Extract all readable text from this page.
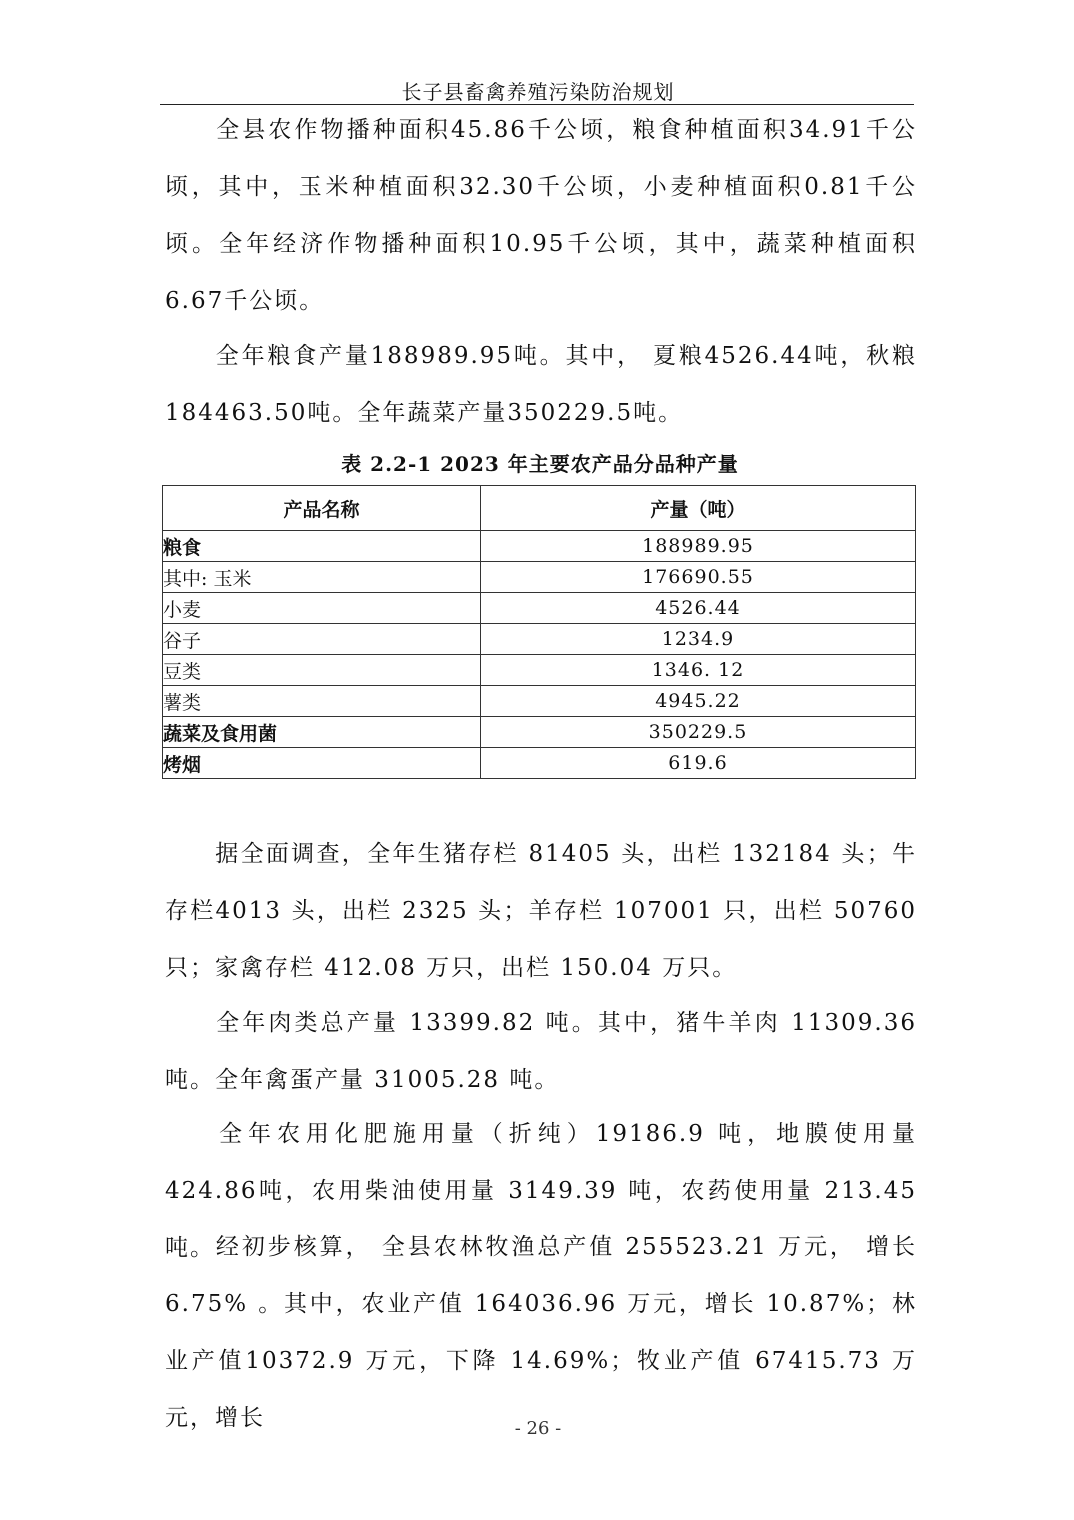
长子县畜禽养殖污染防治规划

全县农作物播种面积45.86千公顷，粮食种植面积34.91千公顷，其中，玉米种植面积32.30千公顷，小麦种植面积0.81千公顷。全年经济作物播种面积10.95千公顷，其中，蔬菜种植面积6.67千公顷。

全年粮食产量188989.95吨。其中， 夏粮4526.44吨，秋粮184463.50吨。全年蔬菜产量350229.5吨。

表 2.2-1 2023 年主要农产品分品种产量
产品名称	产量（吨）
粮食	188989.95
其中: 玉米	176690.55
小麦	4526.44
谷子	1234.9
豆类	1346. 12
薯类	4945.22
蔬菜及食用菌	350229.5
烤烟	619.6

据全面调查，全年生猪存栏 81405 头，出栏 132184 头；牛存栏4013 头，出栏 2325 头；羊存栏 107001 只，出栏 50760 只；家禽存栏 412.08 万只，出栏 150.04 万只。

全年肉类总产量 13399.82 吨。其中，猪牛羊肉 11309.36 吨。全年禽蛋产量 31005.28 吨。

全年农用化肥施用量（折纯）19186.9 吨，地膜使用量424.86吨，农用柴油使用量 3149.39 吨，农药使用量 213.45 吨。 经初步核算， 全县农林牧渔总产值 255523.21 万元， 增长6.75% 。其中，农业产值 164036.96 万元，增长 10.87%；林业产值10372.9 万元，下降 14.69%；牧业产值 67415.73 万元，增长	- 26 -
